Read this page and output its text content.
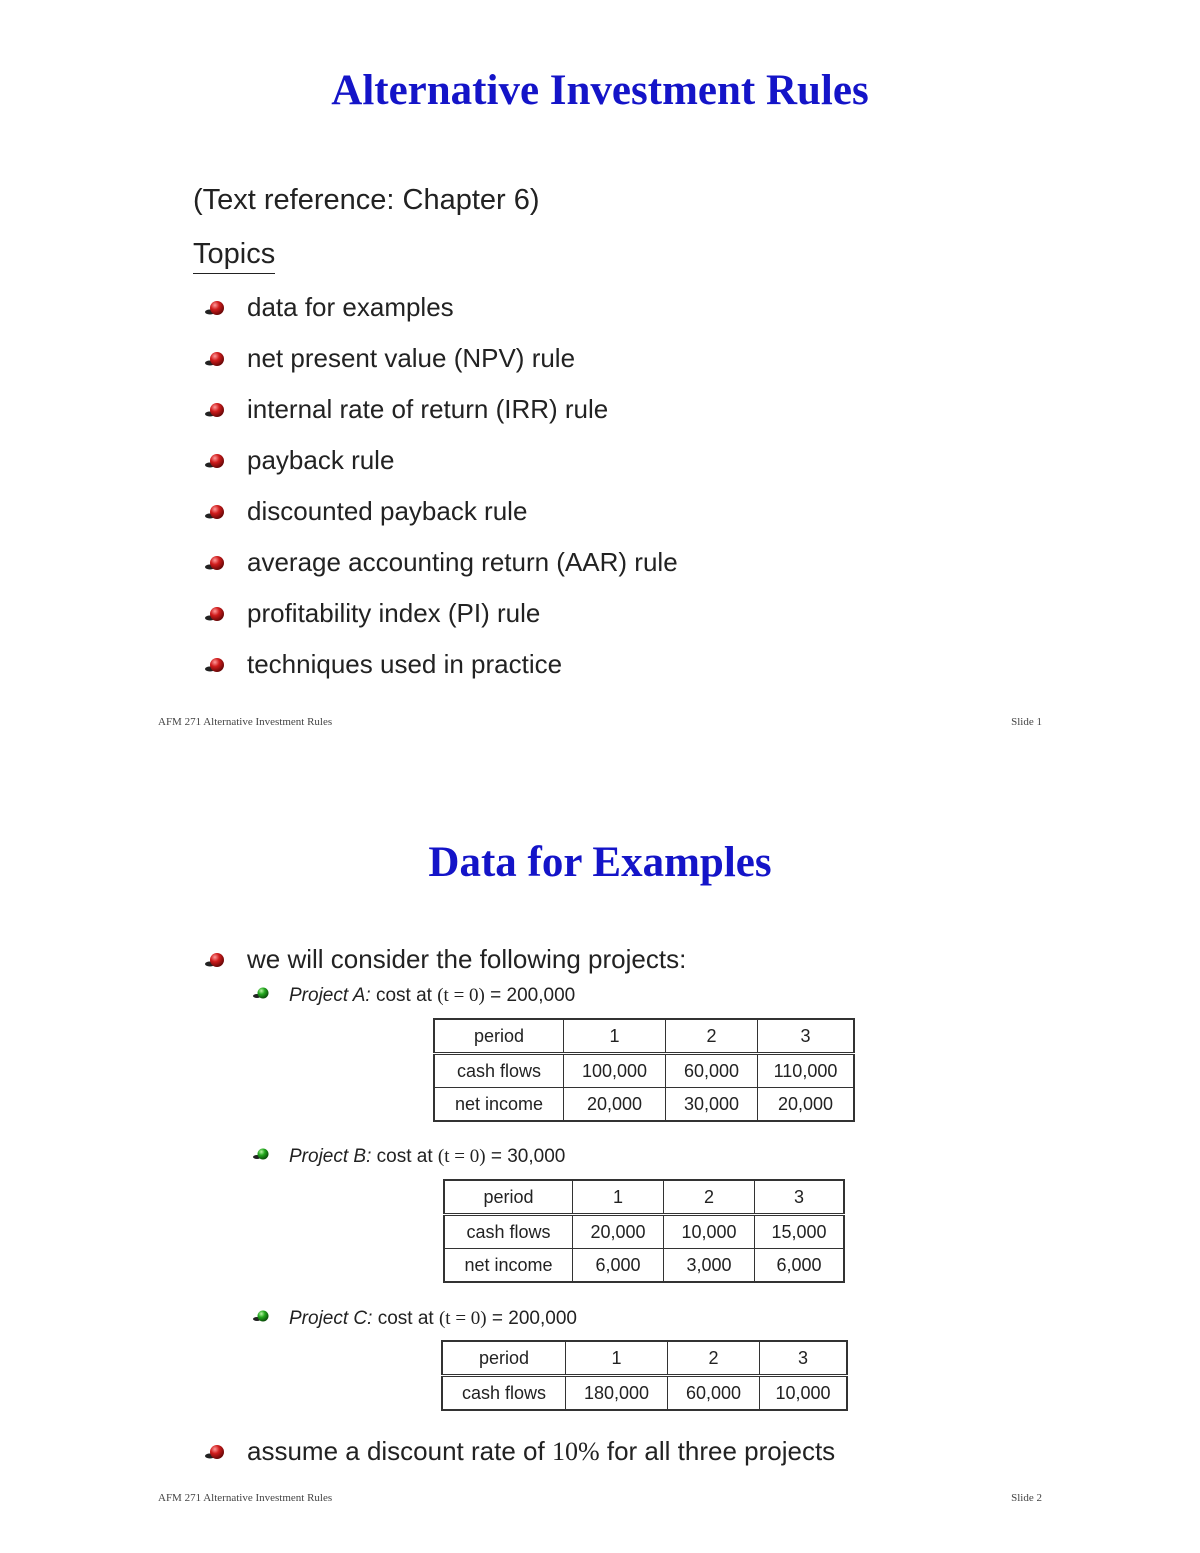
Alternative Investment Rules
(Text reference: Chapter 6)
Topics
data for examples
net present value (NPV) rule
internal rate of return (IRR) rule
payback rule
discounted payback rule
average accounting return (AAR) rule
profitability index (PI) rule
techniques used in practice
AFM 271 Alternative Investment Rules	Slide 1
Data for Examples
we will consider the following projects:
Project A: cost at (t = 0) = 200,000
period	1	2	3
cash flows	100,000	60,000	110,000
net income	20,000	30,000	20,000
Project B: cost at (t = 0) = 30,000
period	1	2	3
cash flows	20,000	10,000	15,000
net income	6,000	3,000	6,000
Project C: cost at (t = 0) = 200,000
period	1	2	3
cash flows	180,000	60,000	10,000
assume a discount rate of 10% for all three projects
AFM 271 Alternative Investment Rules	Slide 2
